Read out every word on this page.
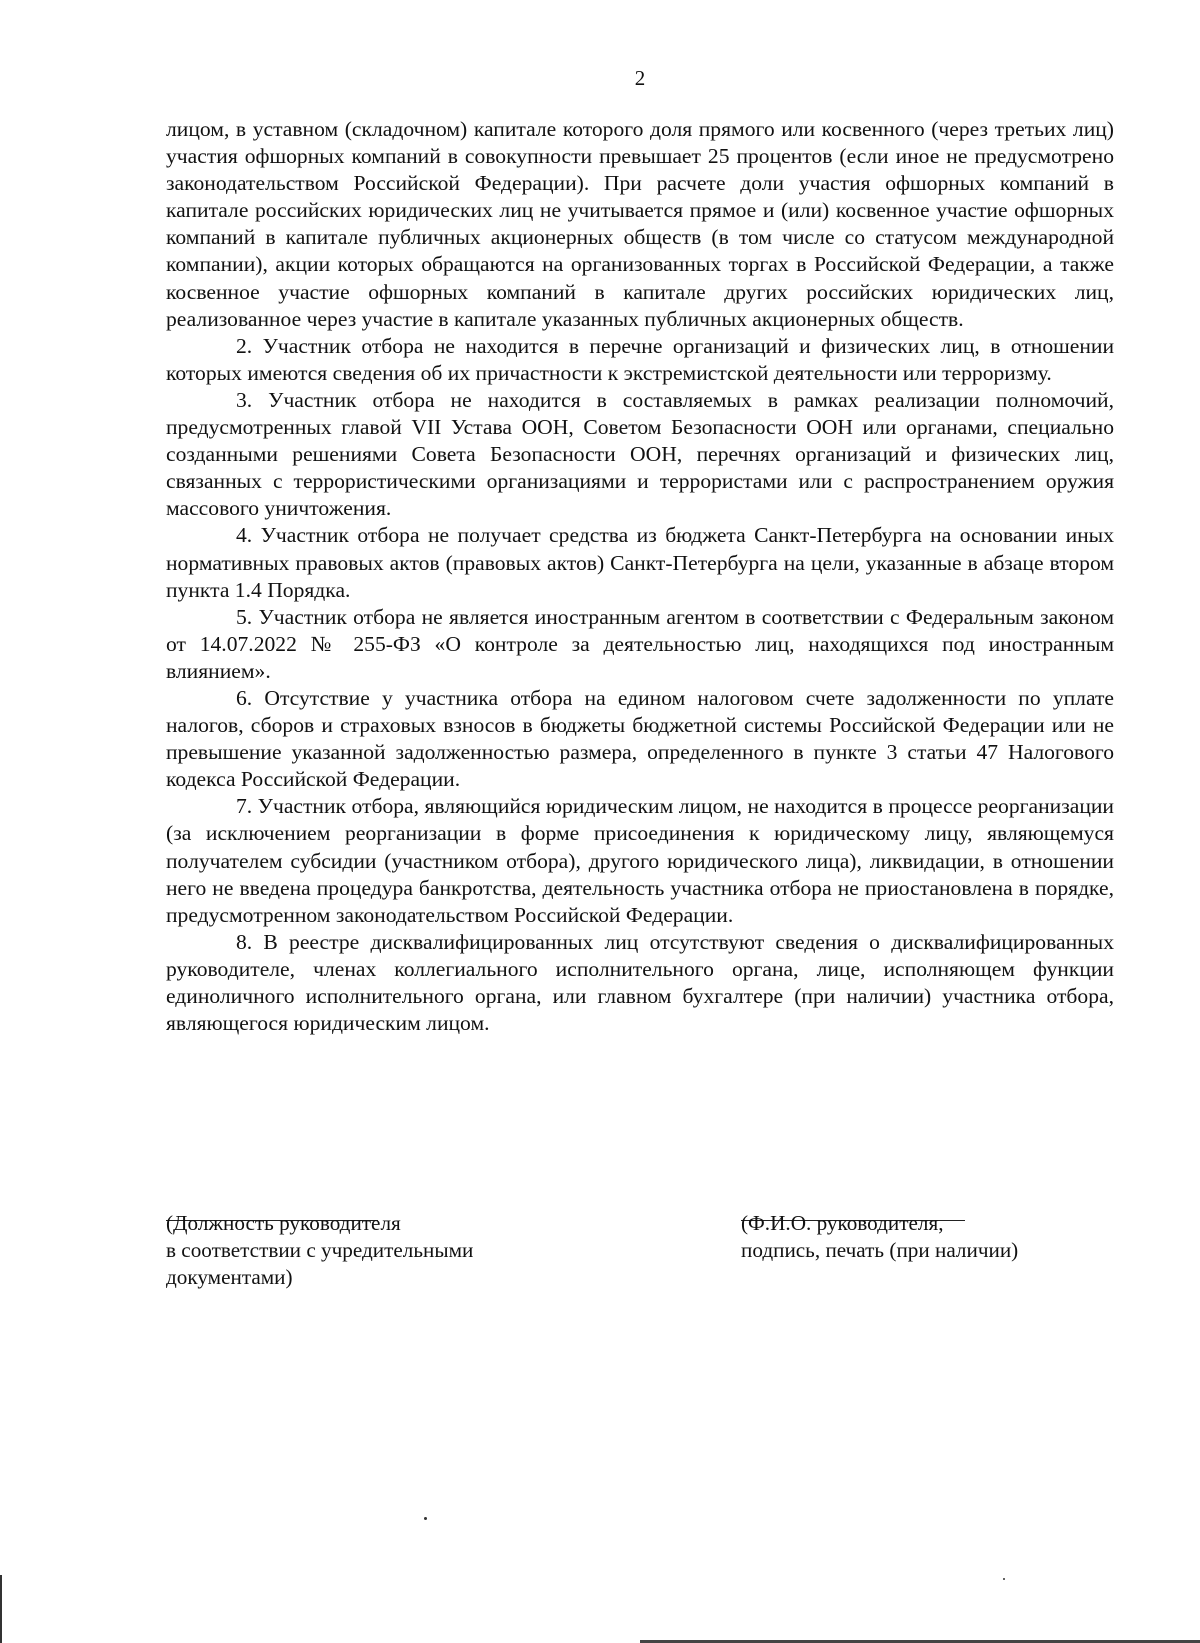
2

лицом, в уставном (складочном) капитале которого доля прямого или косвенного (через третьих лиц) участия офшорных компаний в совокупности превышает 25 процентов (если иное не предусмотрено законодательством Российской Федерации). При расчете доли участия офшорных компаний в капитале российских юридических лиц не учитывается прямое и (или) косвенное участие офшорных компаний в капитале публичных акционерных обществ (в том числе со статусом международной компании), акции которых обращаются на организованных торгах в Российской Федерации, а также косвенное участие офшорных компаний в капитале других российских юридических лиц, реализованное через участие в капитале указанных публичных акционерных обществ.

2. Участник отбора не находится в перечне организаций и физических лиц, в отношении которых имеются сведения об их причастности к экстремистской деятельности или терроризму.

3. Участник отбора не находится в составляемых в рамках реализации полномочий, предусмотренных главой VII Устава ООН, Советом Безопасности ООН или органами, специально созданными решениями Совета Безопасности ООН, перечнях организаций и физических лиц, связанных с террористическими организациями и террористами или с распространением оружия массового уничтожения.

4. Участник отбора не получает средства из бюджета Санкт-Петербурга на основании иных нормативных правовых актов (правовых актов) Санкт-Петербурга на цели, указанные в абзаце втором пункта 1.4 Порядка.

5. Участник отбора не является иностранным агентом в соответствии с Федеральным законом от 14.07.2022 № 255-ФЗ «О контроле за деятельностью лиц, находящихся под иностранным влиянием».

6. Отсутствие у участника отбора на едином налоговом счете задолженности по уплате налогов, сборов и страховых взносов в бюджеты бюджетной системы Российской Федерации или не превышение указанной задолженностью размера, определенного в пункте 3 статьи 47 Налогового кодекса Российской Федерации.

7. Участник отбора, являющийся юридическим лицом, не находится в процессе реорганизации (за исключением реорганизации в форме присоединения к юридическому лицу, являющемуся получателем субсидии (участником отбора), другого юридического лица), ликвидации, в отношении него не введена процедура банкротства, деятельность участника отбора не приостановлена в порядке, предусмотренном законодательством Российской Федерации.

8. В реестре дисквалифицированных лиц отсутствуют сведения о дисквалифицированных руководителе, членах коллегиального исполнительного органа, лице, исполняющем функции единоличного исполнительного органа, или главном бухгалтере (при наличии) участника отбора, являющегося юридическим лицом.

(Должность руководителя
в соответствии с учредительными
документами)
(Ф.И.О. руководителя,
подпись, печать (при наличии)
